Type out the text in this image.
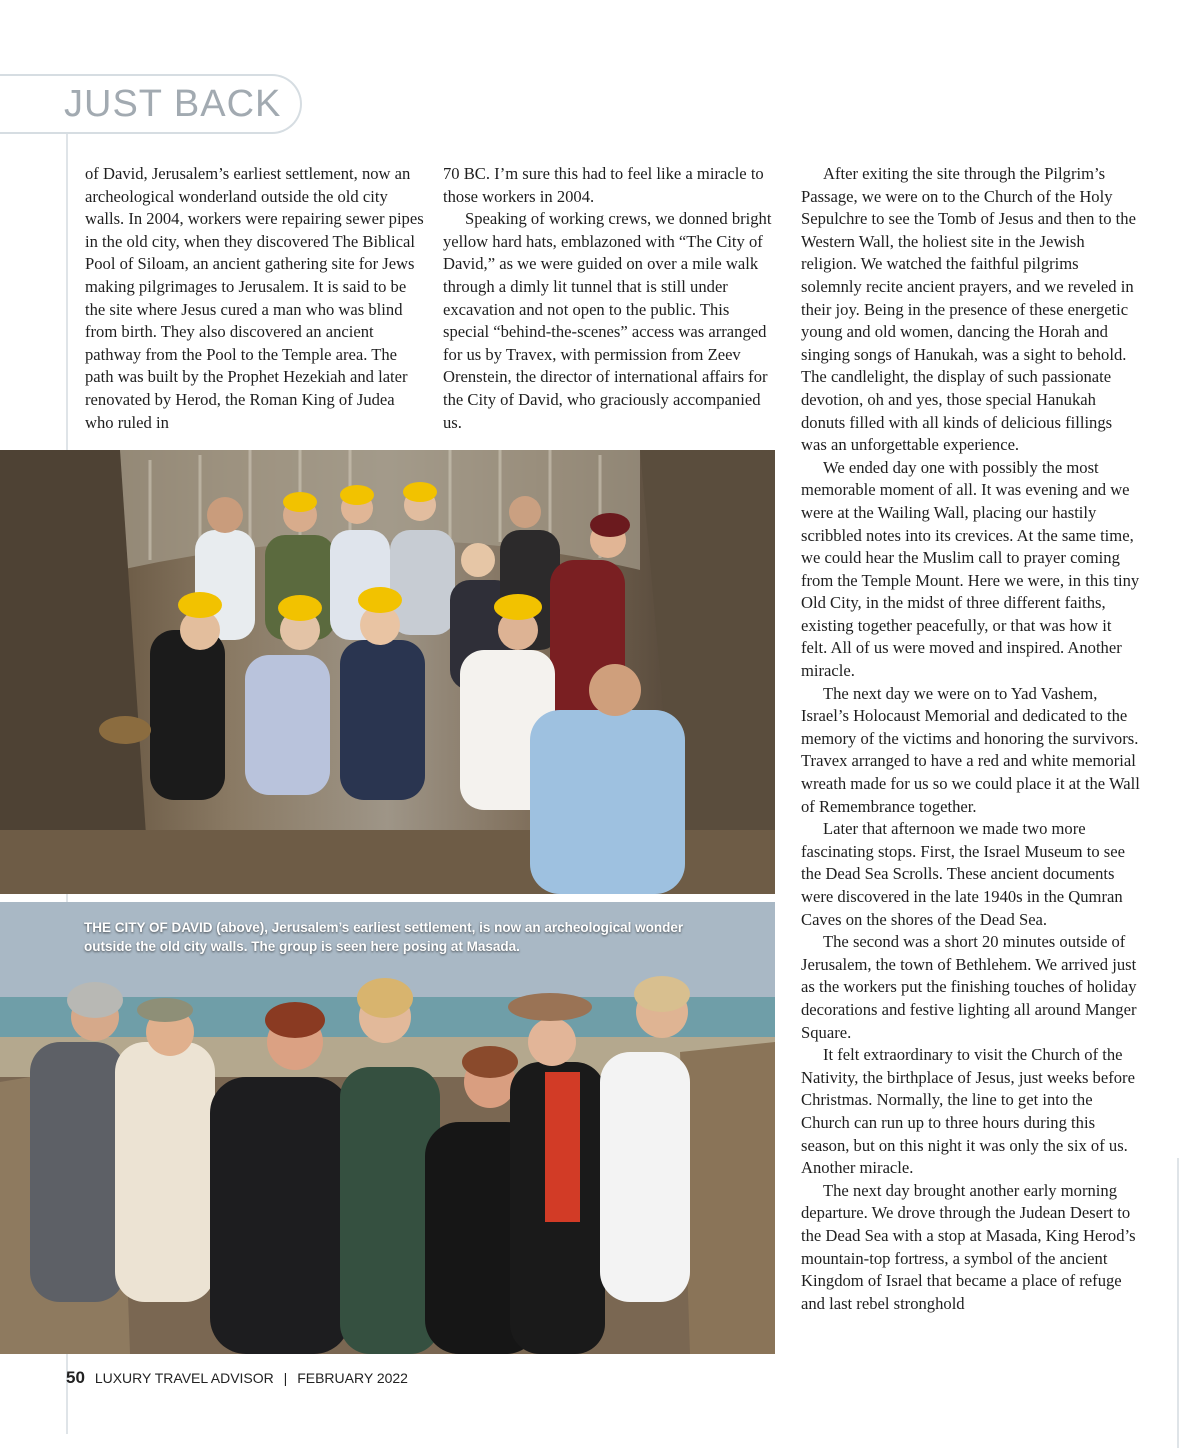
JUST BACK

of David, Jerusalem’s earliest settlement, now an archeological wonderland outside the old city walls. In 2004, workers were repairing sewer pipes in the old city, when they discovered The Biblical Pool of Siloam, an ancient gathering site for Jews making pilgrimages to Jerusalem. It is said to be the site where Jesus cured a man who was blind from birth. They also discovered an ancient pathway from the Pool to the Temple area. The path was built by the Prophet Hezekiah and later renovated by Herod, the Roman King of Judea who ruled in

70 BC. I’m sure this had to feel like a miracle to those workers in 2004.

Speaking of working crews, we donned bright yellow hard hats, emblazoned with “The City of David,” as we were guided on over a mile walk through a dimly lit tunnel that is still under excavation and not open to the public. This special “behind-the-scenes” access was arranged for us by Travex, with permission from Zeev Orenstein, the director of international affairs for the City of David, who graciously accompanied us.

After exiting the site through the Pilgrim’s Passage, we were on to the Church of the Holy Sepulchre to see the Tomb of Jesus and then to the Western Wall, the holiest site in the Jewish religion. We watched the faithful pilgrims solemnly recite ancient prayers, and we reveled in their joy. Being in the presence of these energetic young and old women, dancing the Horah and singing songs of Hanukah, was a sight to behold. The candlelight, the display of such passionate devotion, oh and yes, those special Hanukah donuts filled with all kinds of delicious fillings was an unforgettable experience.

We ended day one with possibly the most memorable moment of all. It was evening and we were at the Wailing Wall, placing our hastily scribbled notes into its crevices. At the same time, we could hear the Muslim call to prayer coming from the Temple Mount. Here we were, in this tiny Old City, in the midst of three different faiths, existing together peacefully, or that was how it felt. All of us were moved and inspired. Another miracle.

The next day we were on to Yad Vashem, Israel’s Holocaust Memorial and dedicated to the memory of the victims and honoring the survivors. Travex arranged to have a red and white memorial wreath made for us so we could place it at the Wall of Remembrance together.

Later that afternoon we made two more fascinating stops. First, the Israel Museum to see the Dead Sea Scrolls. These ancient documents were discovered in the late 1940s in the Qumran Caves on the shores of the Dead Sea.

The second was a short 20 minutes outside of Jerusalem, the town of Bethlehem. We arrived just as the workers put the finishing touches of holiday decorations and festive lighting all around Manger Square.

It felt extraordinary to visit the Church of the Nativity, the birthplace of Jesus, just weeks before Christmas. Normally, the line to get into the Church can run up to three hours during this season, but on this night it was only the six of us. Another miracle.

The next day brought another early morning departure. We drove through the Judean Desert to the Dead Sea with a stop at Masada, King Herod’s mountain-top fortress, a symbol of the ancient Kingdom of Israel that became a place of refuge and last rebel stronghold

THE CITY OF DAVID (above), Jerusalem’s earliest settlement, is now an archeological wonder outside the old city walls. The group is seen here posing at Masada.

50 LUXURY TRAVEL ADVISOR | FEBRUARY 2022
